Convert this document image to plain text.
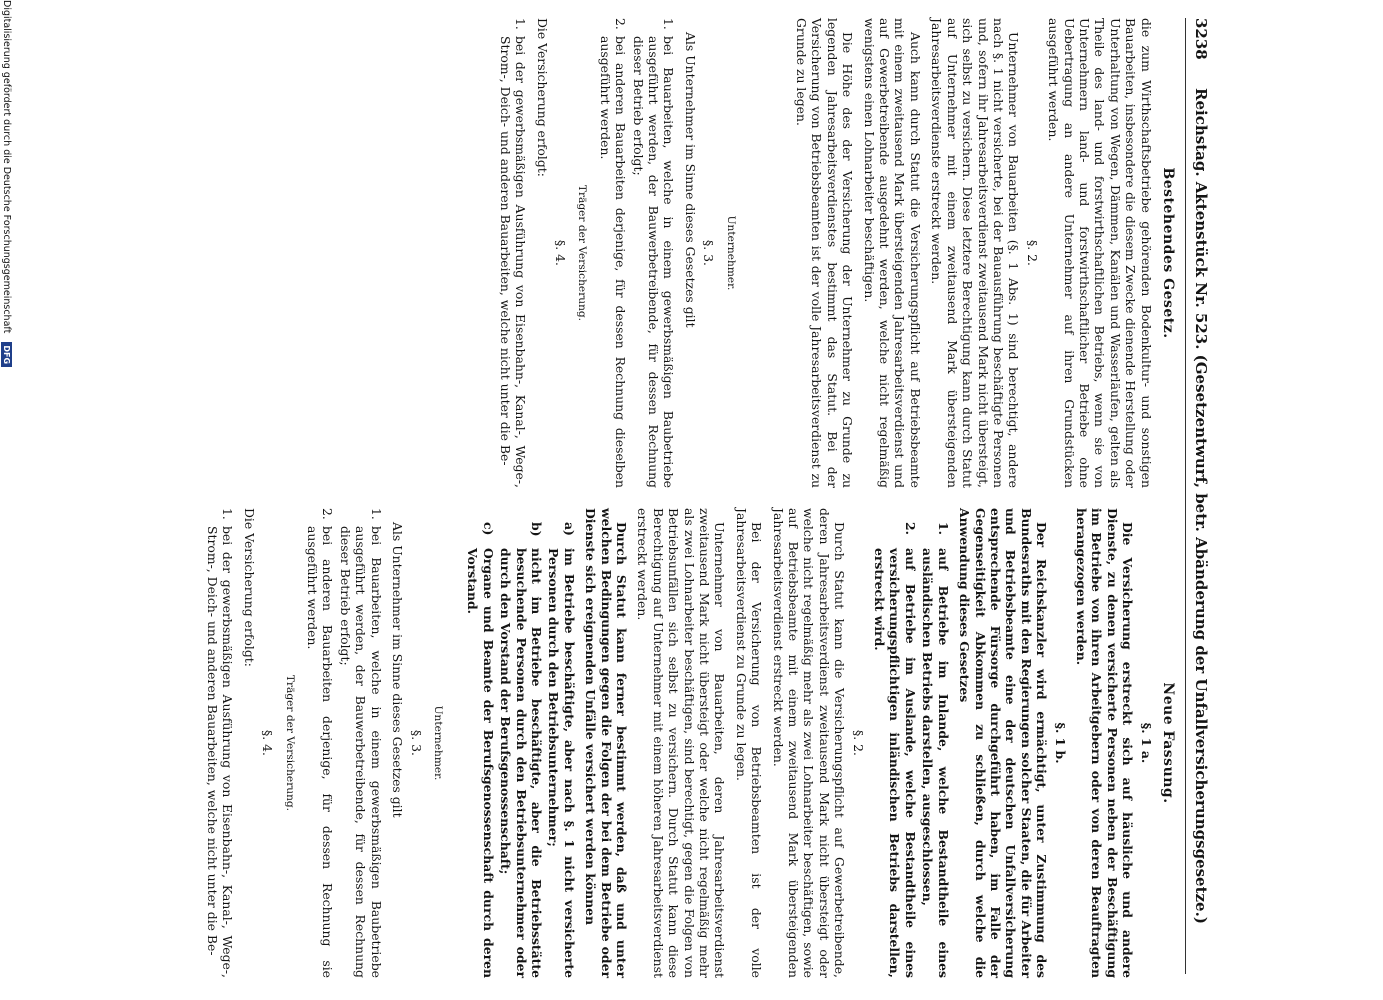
3238
Reichstag. Aktenstück Nr. 523. (Gesetzentwurf, betr. Abänderung der Unfallversicherungsgesetze.)
Bestehendes Gesetz.
die zum Wirthschaftsbetriebe gehörenden Bodenkultur- und sonstigen Bauarbeiten, insbesondere die diesem Zwecke dienende Herstellung oder Unterhaltung von Wegen, Dämmen, Kanälen und Wasserläufen, gelten als Theile des land- und forstwirthschaftlichen Betriebs, wenn sie von Unternehmern land- und forstwirthschaftlicher Betriebe ohne Uebertragung an andere Unternehmer auf ihren Grundstücken ausgeführt werden.
§. 2.
Unternehmer von Bauarbeiten (§. 1 Abs. 1) sind berechtigt, andere nach §. 1 nicht versicherte, bei der Bauausführung beschäftigte Personen und, sofern ihr Jahresarbeitsverdienst zweitausend Mark nicht übersteigt, sich selbst zu versichern. Diese letztere Berechtigung kann durch Statut auf Unternehmer mit einem zweitausend Mark übersteigenden Jahresarbeitsverdienste erstreckt werden.
Auch kann durch Statut die Versicherungspflicht auf Betriebsbeamte mit einem zweitausend Mark übersteigenden Jahresarbeitsverdienst und auf Gewerbetreibende ausgedehnt werden, welche nicht regelmäßig wenigstens einen Lohnarbeiter beschäftigen.
Die Höhe des der Versicherung der Unternehmer zu Grunde zu legenden Jahresarbeitsverdienstes bestimmt das Statut. Bei der Versicherung von Betriebsbeamten ist der volle Jahresarbeitsverdienst zu Grunde zu legen.
Unternehmer.
§. 3.
Als Unternehmer im Sinne dieses Gesetzes gilt
1.
bei Bauarbeiten, welche in einem gewerbsmäßigen Baubetriebe ausgeführt werden, der Bauwerbetreibende, für dessen Rechnung dieser Betrieb erfolgt;
2.
bei anderen Bauarbeiten derjenige, für dessen Rechnung dieselben ausgeführt werden.
Träger der Versicherung.
§. 4.
Die Versicherung erfolgt:
1.
bei der gewerbsmäßigen Ausführung von Eisenbahn-, Kanal-, Wege-, Strom-, Deich- und anderen Bauarbeiten, welche nicht unter die Be-
Neue Fassung.
§. 1 a.
Die Versicherung erstreckt sich auf häusliche und andere Dienste, zu denen versicherte Personen neben der Beschäftigung im Betriebe von ihren Arbeitgebern oder von deren Beauftragten herangezogen werden.
§. 1 b.
Der Reichskanzler wird ermächtigt, unter Zustimmung des Bundesraths mit den Regierungen solcher Staaten, die für Arbeiter und Betriebsbeamte eine der deutschen Unfallversicherung entsprechende Fürsorge durchgeführt haben, im Falle der Gegenseitigkeit Abkommen zu schließen, durch welche die Anwendung dieses Gesetzes
1.
auf Betriebe im Inlande, welche Bestandtheile eines ausländischen Betriebs darstellen, ausgeschlossen,
2.
auf Betriebe im Auslande, welche Bestandtheile eines versicherungspflichtigen inländischen Betriebs darstellen, erstreckt wird.
§. 2.
Durch Statut kann die Versicherungspflicht auf Gewerbetreibende, deren Jahresarbeitsverdienst zweitausend Mark nicht übersteigt oder welche nicht regelmäßig mehr als zwei Lohnarbeiter beschäftigen, sowie auf Betriebsbeamte mit einem zweitausend Mark übersteigenden Jahresarbeitsverdienst erstreckt werden.
Bei der Versicherung von Betriebsbeamten ist der volle Jahresarbeitsverdienst zu Grunde zu legen.
Unternehmer von Bauarbeiten, deren Jahresarbeitsverdienst zweitausend Mark nicht übersteigt oder welche nicht regelmäßig mehr als zwei Lohnarbeiter beschäftigen, sind berechtigt, gegen die Folgen von Betriebsunfällen sich selbst zu versichern. Durch Statut kann diese Berechtigung auf Unternehmer mit einem höheren Jahresarbeitsverdienst erstreckt werden.
Durch Statut kann ferner bestimmt werden, daß und unter welchen Bedingungen gegen die Folgen der bei dem Betriebe oder Dienste sich ereignenden Unfälle versichert werden können
a)
im Betriebe beschäftigte, aber nach §. 1 nicht versicherte Personen durch den Betriebsunternehmer;
b)
nicht im Betriebe beschäftigte, aber die Betriebsstätte besuchende Personen durch den Betriebsunternehmer oder durch den Vorstand der Berufsgenossenschaft;
c)
Organe und Beamte der Berufsgenossenschaft durch deren Vorstand.
Unternehmer.
§. 3.
Als Unternehmer im Sinne dieses Gesetzes gilt
1.
bei Bauarbeiten, welche in einem gewerbsmäßigen Baubetriebe ausgeführt werden, der Bauwerbetreibende, für dessen Rechnung dieser Betrieb erfolgt;
2.
bei anderen Bauarbeiten derjenige, für dessen Rechnung sie ausgeführt werden.
Träger der Versicherung.
§. 4.
Die Versicherung erfolgt:
1.
bei der gewerbsmäßigen Ausführung von Eisenbahn-, Kanal-, Wege-, Strom-, Deich- und anderen Bauarbeiten, welche nicht unter die Be-
Digitalisierung gefördert durch die Deutsche Forschungsgemeinschaft DFG
